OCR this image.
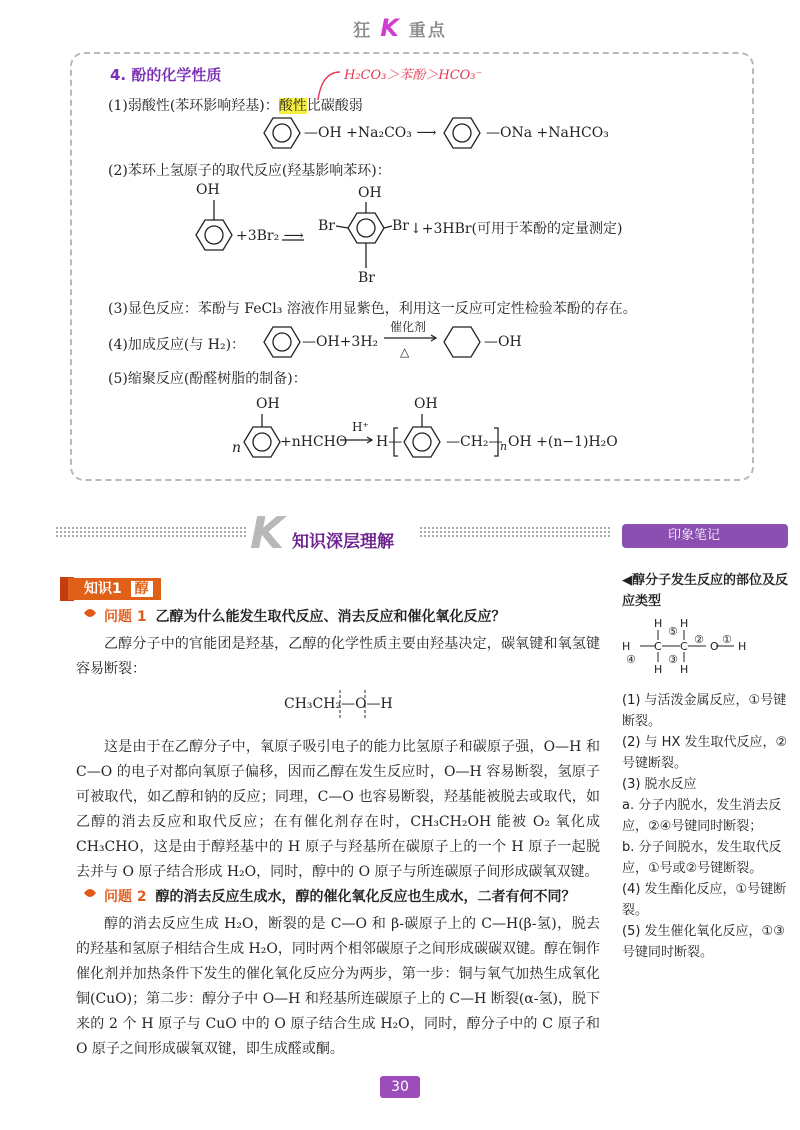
狂 K 重点
4. 酚的化学性质	H₂CO₃＞苯酚＞HCO₃⁻
(1)弱酸性(苯环影响羟基)：酸性比碳酸弱
—OH +Na₂CO₃ ⟶	—ONa +NaHCO₃
(2)苯环上氢原子的取代反应(羟基影响苯环)：
OH
+3Br₂ ⟶
OH
Br	Br
Br
↓+3HBr(可用于苯酚的定量测定)
(3)显色反应：苯酚与 FeCl₃ 溶液作用显紫色，利用这一反应可定性检验苯酚的存在。
(4)加成反应(与 H₂)：	—OH+3H₂
催化剂
△
—OH
(5)缩聚反应(酚醛树脂的制备)：
OH
n	+nHCHO
H⁺
H—
OH
—CH₂—
n OH +(n−1)H₂O
K 知识深层理解	印象笔记
知识1 醇
问题 1 乙醇为什么能发生取代反应、消去反应和催化氧化反应？
乙醇分子中的官能团是羟基，乙醇的化学性质主要由羟基决定，碳氧键和氧氢键容易断裂：
CH₃CH₂—O—H
这是由于在乙醇分子中，氧原子吸引电子的能力比氢原子和碳原子强，O—H 和 C—O 的电子对都向氧原子偏移，因而乙醇在发生反应时，O—H 容易断裂，氢原子可被取代，如乙醇和钠的反应；同理，C—O 也容易断裂，羟基能被脱去或取代，如乙醇的消去反应和取代反应；在有催化剂存在时，CH₃CH₂OH 能被 O₂ 氧化成 CH₃CHO，这是由于醇羟基中的 H 原子与羟基所在碳原子上的一个 H 原子一起脱去并与 O 原子结合形成 H₂O，同时，醇中的 O 原子与所连碳原子间形成碳氧双键。
问题 2 醇的消去反应生成水，醇的催化氧化反应也生成水，二者有何不同？
醇的消去反应生成 H₂O，断裂的是 C—O 和 β-碳原子上的 C—H(β-氢)，脱去的羟基和氢原子相结合生成 H₂O，同时两个相邻碳原子之间形成碳碳双键。醇在铜作催化剂并加热条件下发生的催化氧化反应分为两步，第一步：铜与氧气加热生成氧化铜(CuO)；第二步：醇分子中 O—H 和羟基所连碳原子上的 C—H 断裂(α-氢)，脱下来的 2 个 H 原子与 CuO 中的 O 原子结合生成 H₂O，同时，醇分子中的 C 原子和 O 原子之间形成碳氧双键，即生成醛或酮。
◀醇分子发生反应的部位及反应类型
H H
⑤
H C C
②
O
①
H
④	③
H H
(1) 与活泼金属反应，①号键断裂。
(2) 与 HX 发生取代反应，②号键断裂。
(3) 脱水反应
a. 分子内脱水，发生消去反应，②④号键同时断裂；
b. 分子间脱水，发生取代反应，①号或②号键断裂。
(4) 发生酯化反应，①号键断裂。
(5) 发生催化氧化反应，①③号键同时断裂。
30
